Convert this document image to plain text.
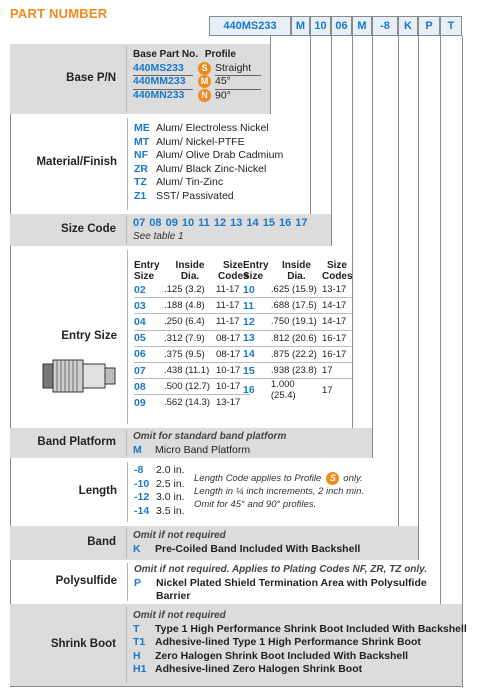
PART NUMBER
440MS233	M 10 06 M	-8	K	P	T
Base P/N
Base Part No. Profile
440MS233 S Straight
440MM233 M 45°
440MN233 N 90°
Material/Finish
ME Alum/ Electroless Nickel
MT Alum/ Nickel-PTFE
NF Alum/ Olive Drab Cadmium
ZR Alum/ Black Zinc-Nickel
TZ Alum/ Tin-Zinc
Z1 SST/ Passivated
Size Code 07 08 09 10 11 12 13 14 15 16 17
See table 1
Entry Size
Entry Size	Inside Dia.	Size Codes
02	.125 (3.2)	11-17
03	.188 (4.8)	11-17
04	.250 (6.4)	11-17
05	.312 (7.9)	08-17
06	.375 (9.5)	08-17
07	.438 (11.1)	10-17
08	.500 (12.7)	10-17
09	.562 (14.3)	13-17
Entry Size	Inside Dia.	Size Codes
10	.625 (15.9)	13-17
11	.688 (17.5)	14-17
12	.750 (19.1)	14-17
13	.812 (20.6)	16-17
14	.875 (22.2)	16-17
15	.938 (23.8)	17
16	1.000 (25.4)	17
Band Platform Omit for standard band platform
M Micro Band Platform
Length
-8 2.0 in.
-10 2.5 in.
-12 3.0 in.
-14 3.5 in.
Length Code applies to Profile S only.
Length in ¼ inch increments, 2 inch min.
Omit for 45° and 90° profiles.
Band
Omit if not required
K Pre-Coiled Band Included With Backshell
Polysulfide
Omit if not required. Applies to Plating Codes NF, ZR, TZ only.
P Nickel Plated Shield Termination Area with Polysulfide
Barrier
Shrink Boot
Omit if not required
T Type 1 High Performance Shrink Boot Included With Backshell
T1 Adhesive-lined Type 1 High Performance Shrink Boot
H Zero Halogen Shrink Boot Included With Backshell
H1 Adhesive-lined Zero Halogen Shrink Boot
